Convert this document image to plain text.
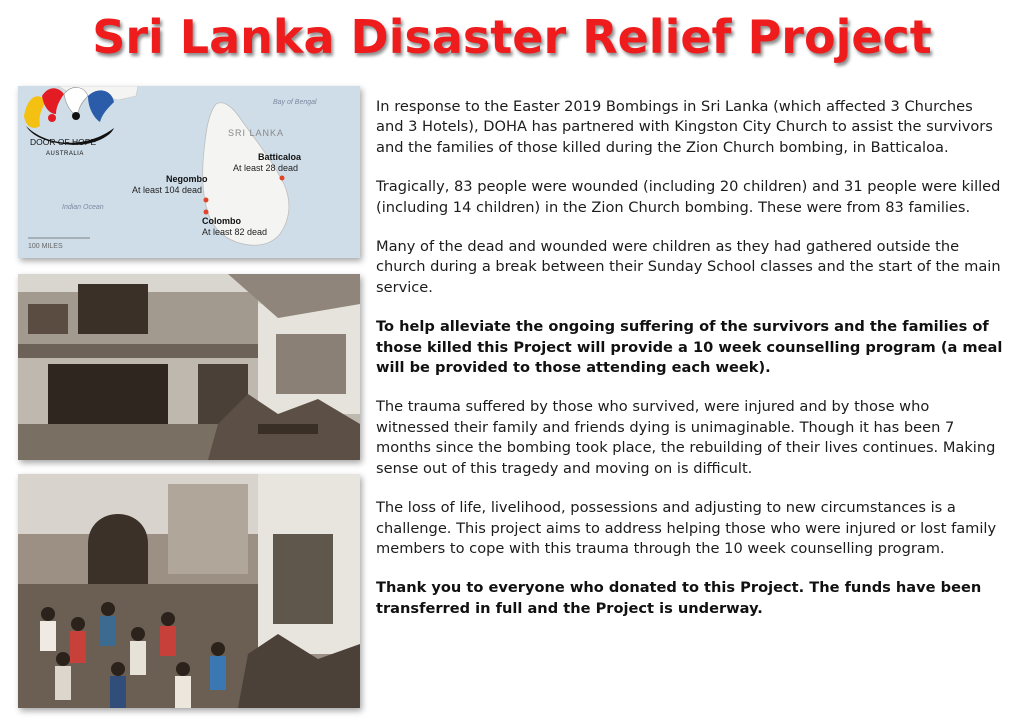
Sri Lanka Disaster Relief Project
Bay of Bengal
SRI LANKA
Indian Ocean
Batticaloa
At least 28 dead
Negombo
At least 104 dead
Colombo
At least 82 dead
100 MILES
DOOR OF HOPE
AUSTRALIA

In response to the Easter 2019 Bombings in Sri Lanka (which affected 3 Churches and 3 Hotels), DOHA has partnered with Kingston City Church to assist the survivors and the families of those killed during the Zion Church bombing, in Batticaloa.

Tragically, 83 people were wounded (including 20 children) and 31 people were killed (including 14 children) in the Zion Church bombing. These were from 83 families.

Many of the dead and wounded were children as they had gathered outside the church during a break between their Sunday School classes and the start of the main service.

To help alleviate the ongoing suffering of the survivors and the families of those killed this Project will provide a 10 week counselling program (a meal will be provided to those attending each week).

The trauma suffered by those who survived, were injured and by those who witnessed their family and friends dying is unimaginable. Though it has been 7 months since the bombing took place, the rebuilding of their lives continues. Making sense out of this tragedy and moving on is difficult.

The loss of life, livelihood, possessions and adjusting to new circumstances is a challenge. This project aims to address helping those who were injured or lost family members to cope with this trauma through the 10 week counselling program.

Thank you to everyone who donated to this Project. The funds have been transferred in full and the Project is underway.
